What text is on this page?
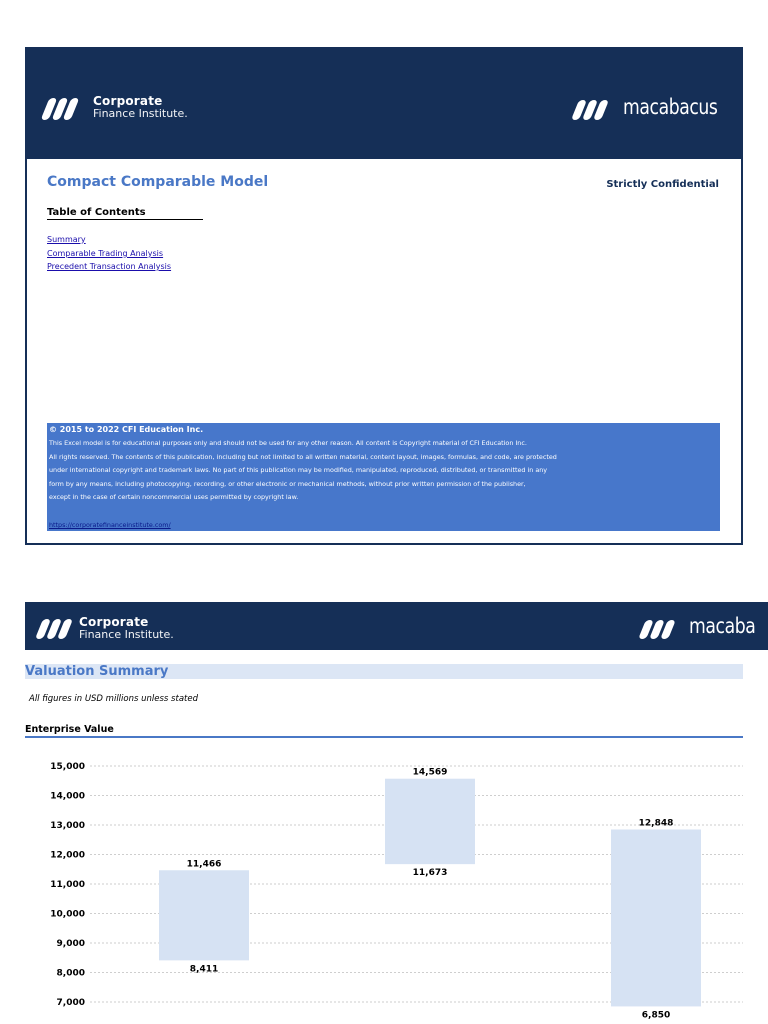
Corporate
Finance Institute.	macabacus
Compact Comparable Model	Strictly Confidential
Table of Contents
Summary
Comparable Trading Analysis
Precedent Transaction Analysis
© 2015 to 2022 CFI Education Inc.
This Excel model is for educational purposes only and should not be used for any other reason. All content is Copyright material of CFI Education Inc.
All rights reserved. The contents of this publication, including but not limited to all written material, content layout, images, formulas, and code, are protected
under international copyright and trademark laws. No part of this publication may be modified, manipulated, reproduced, distributed, or transmitted in any
form by any means, including photocopying, recording, or other electronic or mechanical methods, without prior written permission of the publisher,
except in the case of certain noncommercial uses permitted by copyright law.
https://corporatefinanceinstitute.com/
Corporate
Finance Institute.	macaba
Valuation Summary
All figures in USD millions unless stated
Enterprise Value
15,000
14,000
13,000
12,000
11,000
10,000
9,000
8,000
7,000
11,466
8,411
14,569
11,673
12,848
6,850
